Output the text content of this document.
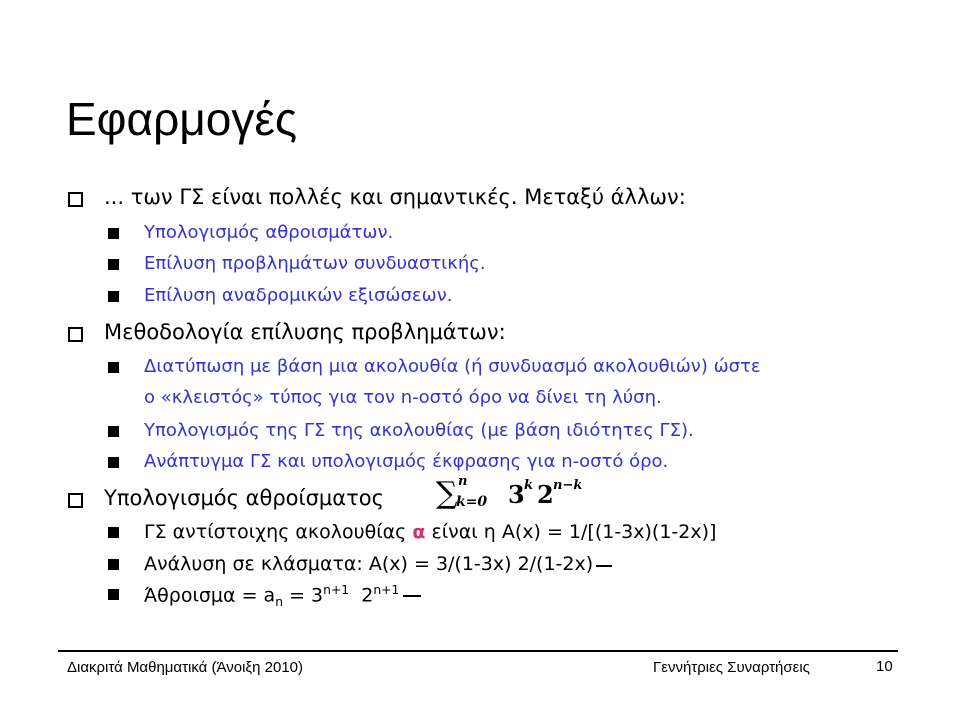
Εφαρμογές
... των ΓΣ είναι πολλές και σημαντικές. Μεταξύ άλλων:
Υπολογισμός αθροισμάτων.
Επίλυση προβλημάτων συνδυαστικής.
Επίλυση αναδρομικών εξισώσεων.
Μεθοδολογία επίλυσης προβλημάτων:
Διατύπωση με βάση μια ακολουθία (ή συνδυασμό ακολουθιών) ώστε
ο «κλειστός» τύπος για τον n-οστό όρο να δίνει τη λύση.
Υπολογισμός της ΓΣ της ακολουθίας (με βάση ιδιότητες ΓΣ).
Ανάπτυγμα ΓΣ και υπολογισμός έκφρασης για n-οστό όρο.
Υπολογισμός αθροίσματος ∑ n
k=0 3 k 2 n−k
ΓΣ αντίστοιχης ακολουθίας α είναι η A(x) = 1/[(1-3x)(1-2x)]
Ανάλυση σε κλάσματα: A(x) = 3/(1-3x) 2/(1-2x)
$Ά\theta\rho o\iota\sigma\mu\alpha = a_n = 3^{n+1}$  $2^{n+1}$
Διακριτά Μαθηματικά (Άνοιξη 2010)	Γεννήτριες Συναρτήσεις	10
